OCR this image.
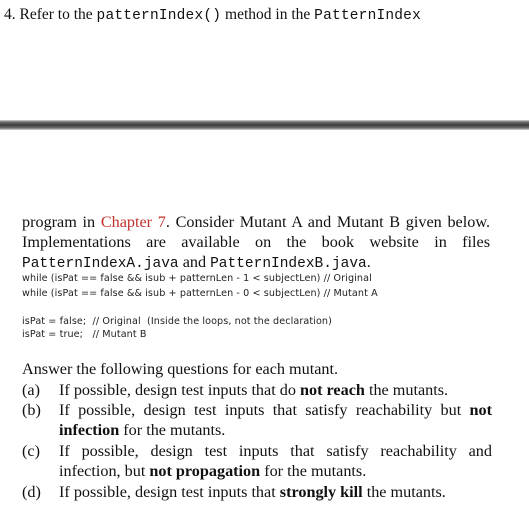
4. Refer to the patternIndex() method in the PatternIndex
program in Chapter 7. Consider Mutant A and Mutant B given below. Implementations are available on the book website in files PatternIndexA.java and PatternIndexB.java.
while (isPat == false && isub + patternLen - 1 < subjectLen) // Original
while (isPat == false && isub + patternLen - 0 < subjectLen) // Mutant A
isPat = false;  // Original  (Inside the loops, not the declaration)
isPat = true;   // Mutant B
Answer the following questions for each mutant.
(a) If possible, design test inputs that do not reach the mutants.
(b) If possible, design test inputs that satisfy reachability but not infection for the mutants.
(c) If possible, design test inputs that satisfy reachability and infection, but not propagation for the mutants.
(d) If possible, design test inputs that strongly kill the mutants.
